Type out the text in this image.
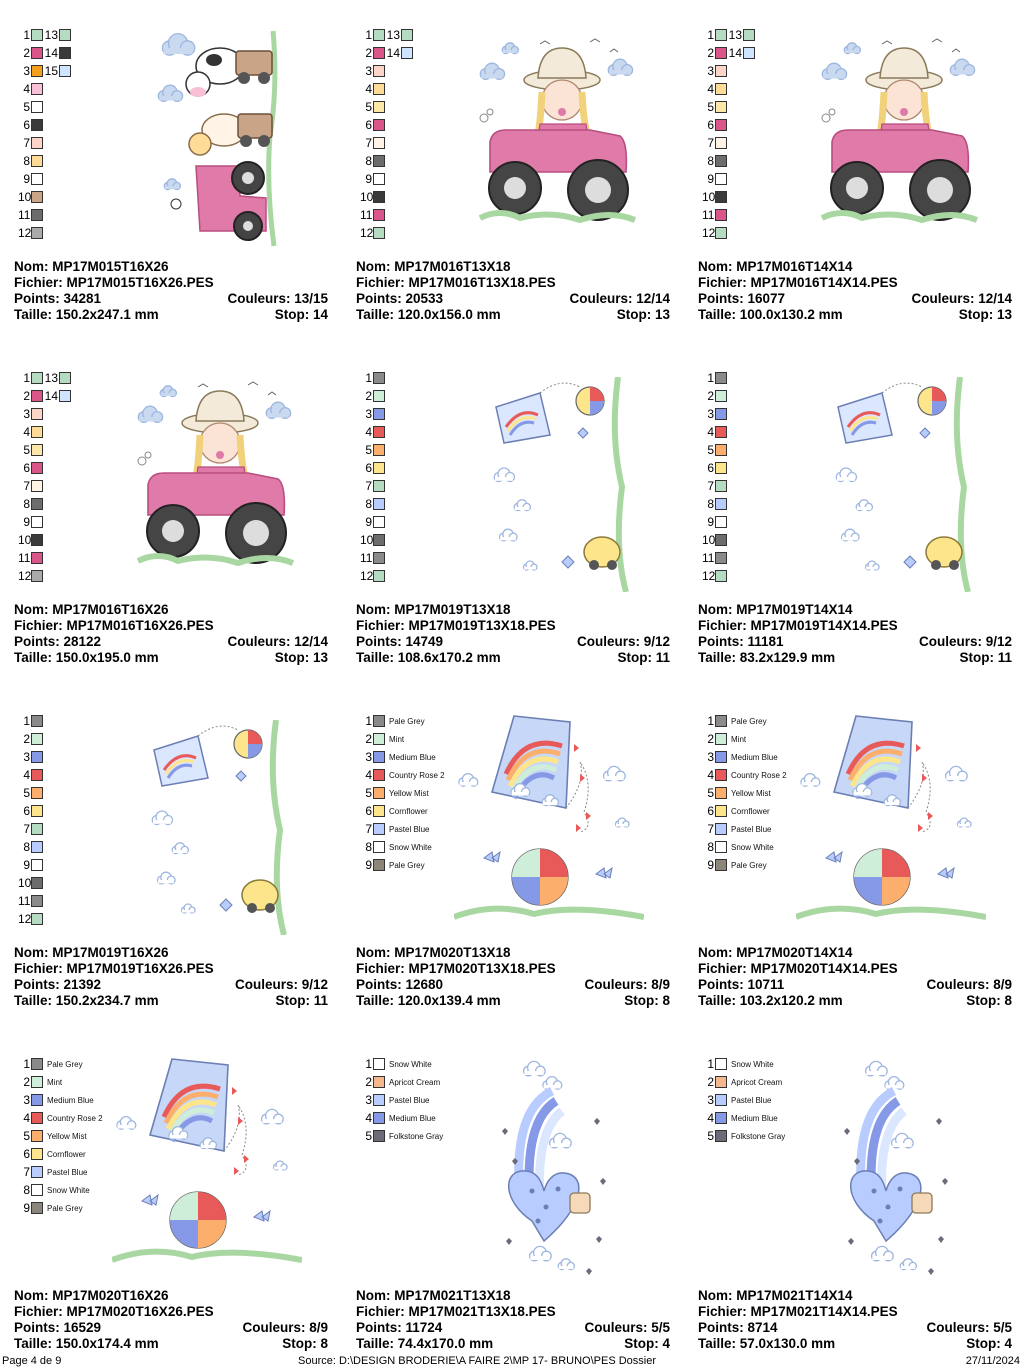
1 13
2 14
3 15
4
5
6
7
8
9
10
11
12
Nom: MP17M015T16X26
Fichier: MP17M015T16X26.PES
Points: 34281	Couleurs: 13/15
Taille: 150.2x247.1 mm	Stop: 14
1 13
2 14
3
4
5
6
7
8
9
10
11
12
Nom: MP17M016T13X18
Fichier: MP17M016T13X18.PES
Points: 20533	Couleurs: 12/14
Taille: 120.0x156.0 mm	Stop: 13
1 13
2 14
3
4
5
6
7
8
9
10
11
12
Nom: MP17M016T14X14
Fichier: MP17M016T14X14.PES
Points: 16077	Couleurs: 12/14
Taille: 100.0x130.2 mm	Stop: 13
1 13
2 14
3
4
5
6
7
8
9
10
11
12
Nom: MP17M016T16X26
Fichier: MP17M016T16X26.PES
Points: 28122	Couleurs: 12/14
Taille: 150.0x195.0 mm	Stop: 13
1
2
3
4
5
6
7
8
9
10
11
12
Nom: MP17M019T13X18
Fichier: MP17M019T13X18.PES
Points: 14749	Couleurs: 9/12
Taille: 108.6x170.2 mm	Stop: 11
1
2
3
4
5
6
7
8
9
10
11
12
Nom: MP17M019T14X14
Fichier: MP17M019T14X14.PES
Points: 11181	Couleurs: 9/12
Taille: 83.2x129.9 mm	Stop: 11
1
2
3
4
5
6
7
8
9
10
11
12
Nom: MP17M019T16X26
Fichier: MP17M019T16X26.PES
Points: 21392	Couleurs: 9/12
Taille: 150.2x234.7 mm	Stop: 11
1 Pale Grey
2 Mint
3 Medium Blue
4 Country Rose 2
5 Yellow Mist
6 Cornflower
7 Pastel Blue
8 Snow White
9 Pale Grey
Nom: MP17M020T13X18
Fichier: MP17M020T13X18.PES
Points: 12680	Couleurs: 8/9
Taille: 120.0x139.4 mm	Stop: 8
1 Pale Grey
2 Mint
3 Medium Blue
4 Country Rose 2
5 Yellow Mist
6 Cornflower
7 Pastel Blue
8 Snow White
9 Pale Grey
Nom: MP17M020T14X14
Fichier: MP17M020T14X14.PES
Points: 10711	Couleurs: 8/9
Taille: 103.2x120.2 mm	Stop: 8
1 Pale Grey
2 Mint
3 Medium Blue
4 Country Rose 2
5 Yellow Mist
6 Cornflower
7 Pastel Blue
8 Snow White
9 Pale Grey
Nom: MP17M020T16X26
Fichier: MP17M020T16X26.PES
Points: 16529	Couleurs: 8/9
Taille: 150.0x174.4 mm	Stop: 8
1 Snow White
2 Apricot Cream
3 Pastel Blue
4 Medium Blue
5 Folkstone Gray
Nom: MP17M021T13X18
Fichier: MP17M021T13X18.PES
Points: 11724	Couleurs: 5/5
Taille: 74.4x170.0 mm	Stop: 4
1 Snow White
2 Apricot Cream
3 Pastel Blue
4 Medium Blue
5 Folkstone Gray
Nom: MP17M021T14X14
Fichier: MP17M021T14X14.PES
Points: 8714	Couleurs: 5/5
Taille: 57.0x130.0 mm	Stop: 4
Page 4 de 9	Source: D:\DESIGN BRODERIE\A FAIRE 2\MP 17- BRUNO\PES Dossier	27/11/2024
